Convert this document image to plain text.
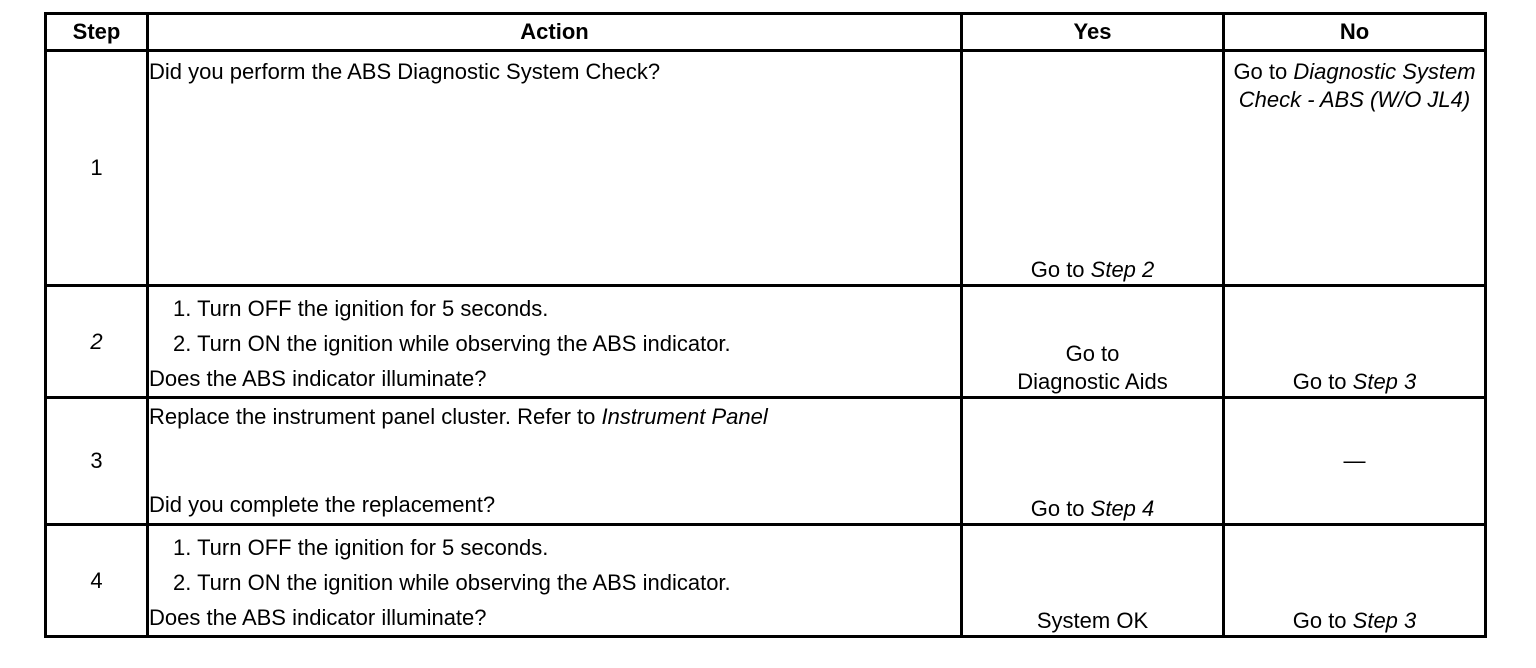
Step	Action	Yes	No
1	Did you perform the ABS Diagnostic System Check?	Go to Step 2	Go to Diagnostic System Check - ABS (W/O JL4)
2	1. Turn OFF the ignition for 5 seconds.
2. Turn ON the ignition while observing the ABS indicator.
Does the ABS indicator illuminate?	Go to
Diagnostic Aids	Go to Step 3
3	Replace the instrument panel cluster. Refer to Instrument Panel
Did you complete the replacement?	Go to Step 4	—
4	1. Turn OFF the ignition for 5 seconds.
2. Turn ON the ignition while observing the ABS indicator.
Does the ABS indicator illuminate?	System OK	Go to Step 3
